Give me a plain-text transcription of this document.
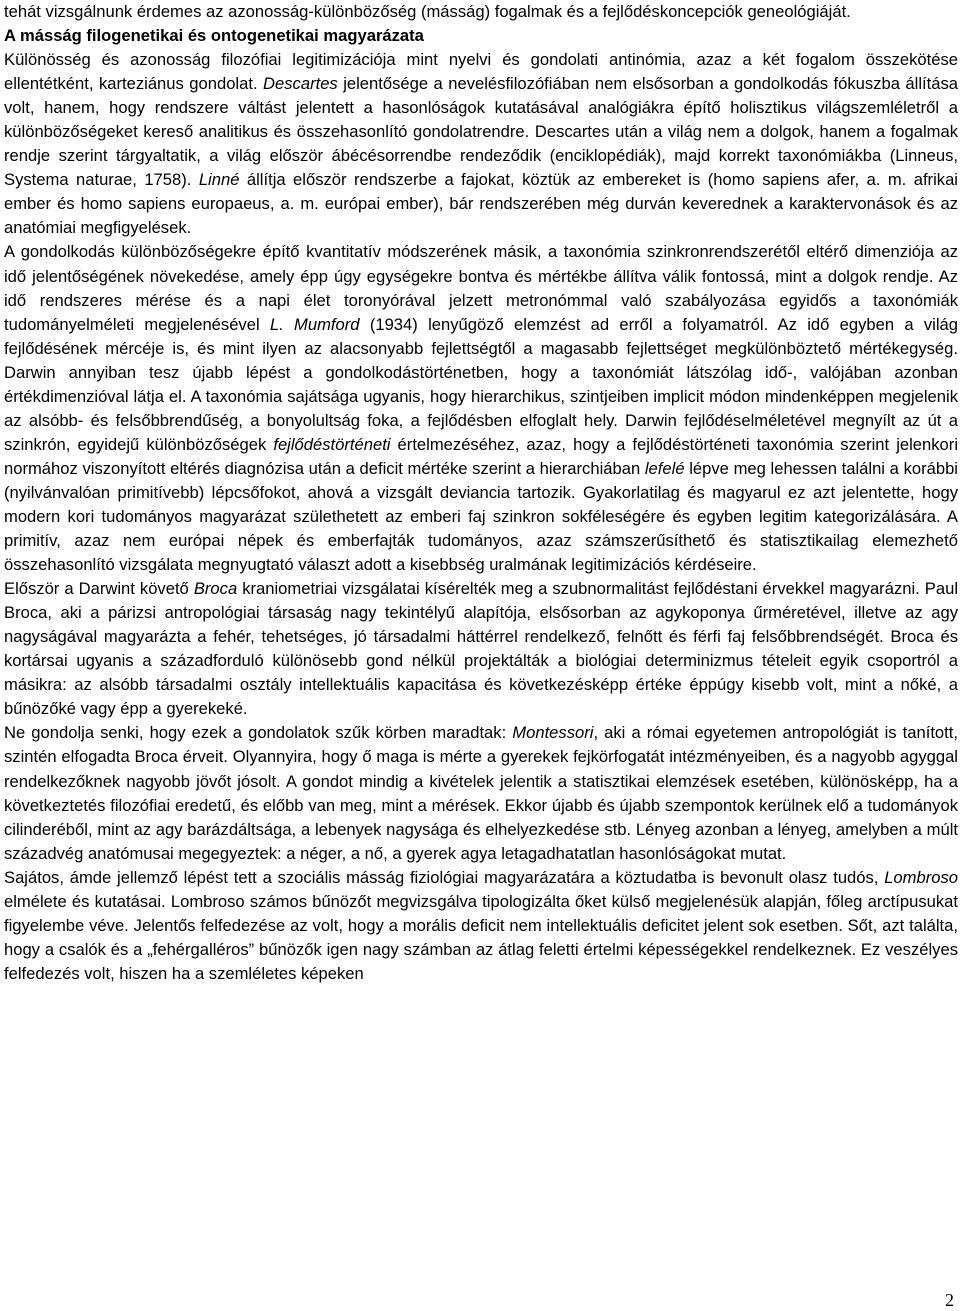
tehát vizsgálnunk érdemes az azonosság-különbözőség (másság) fogalmak és a fejlődéskoncepciók geneológiáját.

A másság filogenetikai és ontogenetikai magyarázata

Különösség és azonosság filozófiai legitimizációja mint nyelvi és gondolati antinómia, azaz a két fogalom összekötése ellentétként, karteziánus gondolat. Descartes jelentősége a nevelésfilozófiában nem elsősorban a gondolkodás fókuszba állítása volt, hanem, hogy rendszere váltást jelentett a hasonlóságok kutatásával analógiákra építő holisztikus világszemléletről a különbözőségeket kereső analitikus és összehasonlító gondolatrendre. Descartes után a világ nem a dolgok, hanem a fogalmak rendje szerint tárgyaltatik, a világ először ábécésorrendbe rendeződik (enciklopédiák), majd korrekt taxonómiákba (Linneus, Systema naturae, 1758). Linné állítja először rendszerbe a fajokat, köztük az embereket is (homo sapiens afer, a. m. afrikai ember és homo sapiens europaeus, a. m. európai ember), bár rendszerében még durván keverednek a karaktervonások és az anatómiai megfigyelések.

A gondolkodás különbözőségekre építő kvantitatív módszerének másik, a taxonómia szinkronrendszerétől eltérő dimenziója az idő jelentőségének növekedése, amely épp úgy egységekre bontva és mértékbe állítva válik fontossá, mint a dolgok rendje. Az idő rendszeres mérése és a napi élet toronyórával jelzett metronómmal való szabályozása egyidős a taxonómiák tudományelméleti megjelenésével L. Mumford (1934) lenyűgöző elemzést ad erről a folyamatról. Az idő egyben a világ fejlődésének mércéje is, és mint ilyen az alacsonyabb fejlettségtől a magasabb fejlettséget megkülönböztető mértékegység. Darwin annyiban tesz újabb lépést a gondolkodástörténetben, hogy a taxonómiát látszólag idő-, valójában azonban értékdimenzióval látja el. A taxonómia sajátsága ugyanis, hogy hierarchikus, szintjeiben implicit módon mindenképpen megjelenik az alsóbb- és felsőbbrendűség, a bonyolultság foka, a fejlődésben elfoglalt hely. Darwin fejlődéselméletével megnyílt az út a szinkrón, egyidejű különbözőségek fejlődéstörténeti értelmezéséhez, azaz, hogy a fejlődéstörténeti taxonómia szerint jelenkori normához viszonyított eltérés diagnózisa után a deficit mértéke szerint a hierarchiában lefelé lépve meg lehessen találni a korábbi (nyilvánvalóan primitívebb) lépcsőfokot, ahová a vizsgált deviancia tartozik. Gyakorlatilag és magyarul ez azt jelentette, hogy modern kori tudományos magyarázat születhetett az emberi faj szinkron sokféleségére és egyben legitim kategorizálására. A primitív, azaz nem európai népek és emberfajták tudományos, azaz számszerűsíthető és statisztikailag elemezhető összehasonlító vizsgálata megnyugtató választ adott a kisebbség uralmának legitimizációs kérdéseire.

Először a Darwint követő Broca kraniometriai vizsgálatai kísérelték meg a szubnormalitást fejlődéstani érvekkel magyarázni. Paul Broca, aki a párizsi antropológiai társaság nagy tekintélyű alapítója, elsősorban az agykoponya űrméretével, illetve az agy nagyságával magyarázta a fehér, tehetséges, jó társadalmi háttérrel rendelkező, felnőtt és férfi faj felsőbbrendségét. Broca és kortársai ugyanis a századforduló különösebb gond nélkül projektálták a biológiai determinizmus tételeit egyik csoportról a másikra: az alsóbb társadalmi osztály intellektuális kapacitása és következésképp értéke éppúgy kisebb volt, mint a nőké, a bűnözőké vagy épp a gyerekeké.

Ne gondolja senki, hogy ezek a gondolatok szűk körben maradtak: Montessori, aki a római egyetemen antropológiát is tanított, szintén elfogadta Broca érveit. Olyannyira, hogy ő maga is mérte a gyerekek fejkörfogatát intézményeiben, és a nagyobb agyggal rendelkezőknek nagyobb jövőt jósolt. A gondot mindig a kivételek jelentik a statisztikai elemzések esetében, különösképp, ha a következtetés filozófiai eredetű, és előbb van meg, mint a mérések. Ekkor újabb és újabb szempontok kerülnek elő a tudományok cilinderéből, mint az agy barázdáltsága, a lebenyek nagysága és elhelyezkedése stb. Lényeg azonban a lényeg, amelyben a múlt századvég anatómusai megegyeztek: a néger, a nő, a gyerek agya letagadhatatlan hasonlóságokat mutat.

Sajátos, ámde jellemző lépést tett a szociális másság fiziológiai magyarázatára a köztudatba is bevonult olasz tudós, Lombroso elmélete és kutatásai. Lombroso számos bűnözőt megvizsgálva tipologizálta őket külső megjelenésük alapján, főleg arctípusukat figyelembe véve. Jelentős felfedezése az volt, hogy a morális deficit nem intellektuális deficitet jelent sok esetben. Sőt, azt találta, hogy a csalók és a „fehérgalléros” bűnözők igen nagy számban az átlag feletti értelmi képességekkel rendelkeznek. Ez veszélyes felfedezés volt, hiszen ha a szemléletes képeken

2
